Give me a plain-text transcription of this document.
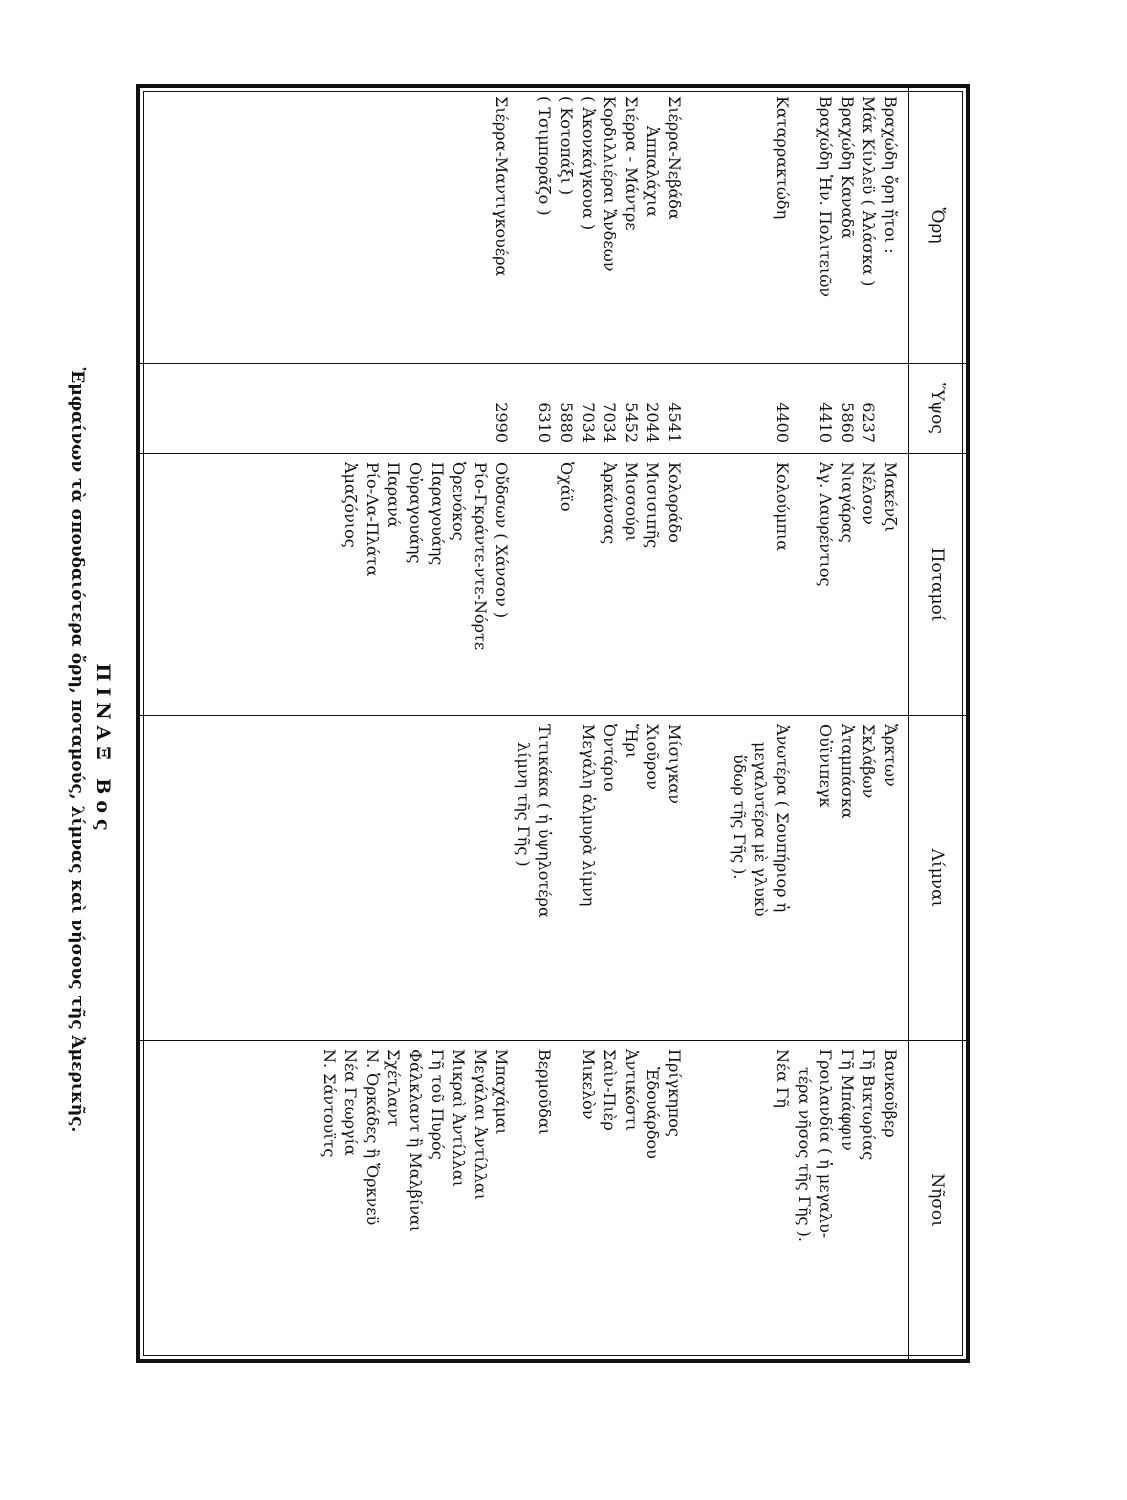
ΠΙΝΑΞ Βος
Ἐμφαίνων τὰ σπουδαιότερα ὄρη, ποταμούς, λίμνας καὶ νήσους τῆς Ἀμερικῆς.
Ὄρη
Βραχώδη ὄρη ἤτοι :
Μάκ Κίνλεϋ ( Ἀλάσκα )
Βραχώδη Καναδᾶ
Βραχώδη Ἡν. Πολιτειῶν
Καταρρακτώδη
Σιέρρα-Νεβάδα
Ἀππαλάχια
Σιέρρα - Μάντρε
Κορδιλλιέραι Ἄνδεων
( Ἀκονκάγκουα )
( Κοτοπάξι )
( Τσιμπορᾶζο )
Σιέρρα-Μαντιγκουέρα
Ὕψος
6237
5860
4410
4400
4541
2044
5452
7034
7034
5880
6310
2990
Ποταμοί
Μακένζι
Νέλσον
Νιαγάρας
Ἁγ. Λαυρέντιος
Κολούμπια
Κολοράδο
Μισισιπῆς
Μισσούρι
Ἀρκάνσας
Ὀχάϊο
Οὔδσων ( Χάνσον )
Ρίο-Γκράντε-ντε-Νόρτε
Ὀρενόκος
Παραγουάης
Οὐραγουάης
Παρανά
Ρίο-Λα-Πλάτα
Ἀμαζόνιος
Λίμναι
Ἄρκτων
Σκλάβων
Ἀταμπάσκα
Οὐϊνιπεγκ
Ἀνωτέρα ( Σουπήριορ ἡ
μεγαλυτέρα μὲ γλυκὺ
ὕδωρ τῆς Γῆς ).
Μίσιγκαν
Χιοῦρον
Ἤρι
Ὀντάριο
Μεγάλη ἁλμυρὰ λίμνη
Τιτικάκα ( ἡ ὑψηλοτέρα
λίμνη τῆς Γῆς )
Νῆσοι
Βανκοῦβερ
Γῆ Βικτωρίας
Γῆ Μπάφφιν
Γροιλανδία ( ἡ μεγαλυ-
τέρα νῆσος τῆς Γῆς ).
Νέα Γῆ
Πρίγκηπος
Ἐδουάρδου
Ἀντικόστι
Σαὶν-Πιὲρ
Μικελὸν
Βερμοῦδαι
Μπαχάμαι
Μεγάλαι Ἀντίλλαι
Μικραὶ Ἀντίλλαι
Γῆ τοῦ Πυρός
Φάλκλαντ ἢ Μαλβίναι
Σχέτλαντ
Ν. Ὀρκάδες ἢ Ὄρκνεϋ
Νέα Γεωργία
Ν. Σάντουϊτς
